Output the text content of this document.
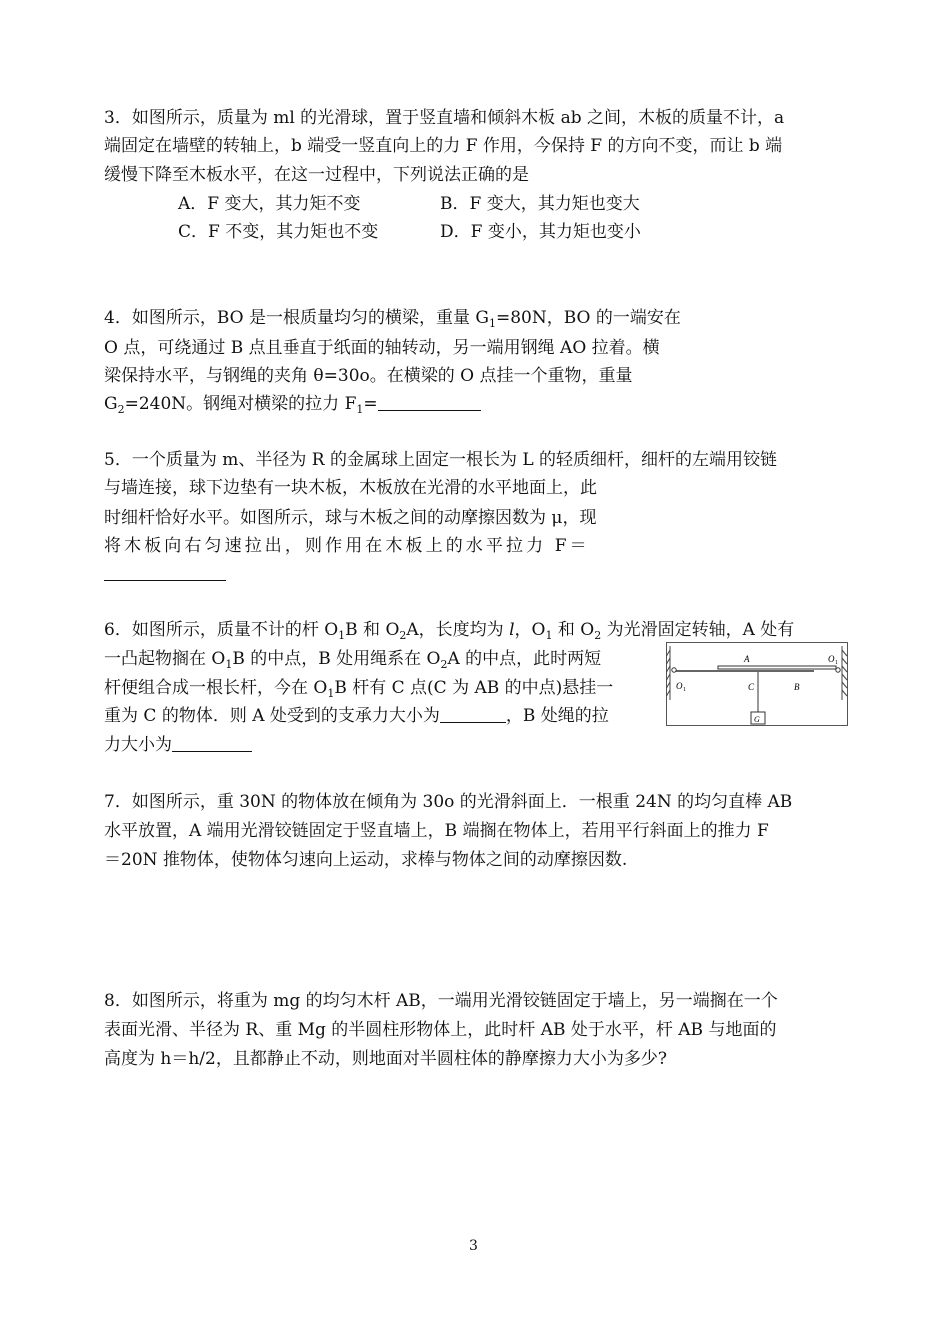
3．如图所示，质量为 ml 的光滑球，置于竖直墙和倾斜木板 ab 之间，木板的质量不计，a
端固定在墙壁的转轴上，b 端受一竖直向上的力 F 作用，今保持 F 的方向不变，而让 b 端
缓慢下降至木板水平，在这一过程中，下列说法正确的是
A．F 变大，其力矩不变	B．F 变大，其力矩也变大
C．F 不变，其力矩也不变	D．F 变小，其力矩也变小
4．如图所示，BO 是一根质量均匀的横梁，重量 $G_1=80N$，BO 的一端安在
O 点，可绕通过 B 点且垂直于纸面的轴转动，另一端用钢绳 AO 拉着。横
梁保持水平，与钢绳的夹角 θ=30o。在横梁的 O 点挂一个重物，重量
$G_2=240N$。钢绳对横梁的拉力 $F_1=$
5．一个质量为 m、半径为 R 的金属球上固定一根长为 L 的轻质细杆，细杆的左端用铰链
与墙连接，球下边垫有一块木板，木板放在光滑的水平地面上，此
时细杆恰好水平。如图所示，球与木板之间的动摩擦因数为 μ，现
将木板向右匀速拉出，则作用在木板上的水平拉力 F＝
6．如图所示，质量不计的杆 $O_1B$ 和 $O_2A$，长度均为 l，$O_1$ 和 $O_2$ 为光滑固定转轴，A 处有
一凸起物搁在 $O_1B$ 的中点，B 处用绳系在 $O_2A$ 的中点，此时两短
杆便组合成一根长杆，今在 $O_1B$ 杆有 C 点(C 为 AB 的中点)悬挂一
重为 C 的物体．则 A 处受到的支承力大小为	，B 处绳的拉
力大小为
A
B
C
G
O 1
O 1
7．如图所示，重 30N 的物体放在倾角为 30o 的光滑斜面上．一根重 24N 的均匀直棒 AB
水平放置，A 端用光滑铰链固定于竖直墙上，B 端搁在物体上，若用平行斜面上的推力 F
＝20N 推物体，使物体匀速向上运动，求棒与物体之间的动摩擦因数.
8．如图所示，将重为 mg 的均匀木杆 AB，一端用光滑铰链固定于墙上，另一端搁在一个
表面光滑、半径为 R、重 Mg 的半圆柱形物体上，此时杆 AB 处于水平，杆 AB 与地面的
高度为 h＝h/2，且都静止不动，则地面对半圆柱体的静摩擦力大小为多少?
3
